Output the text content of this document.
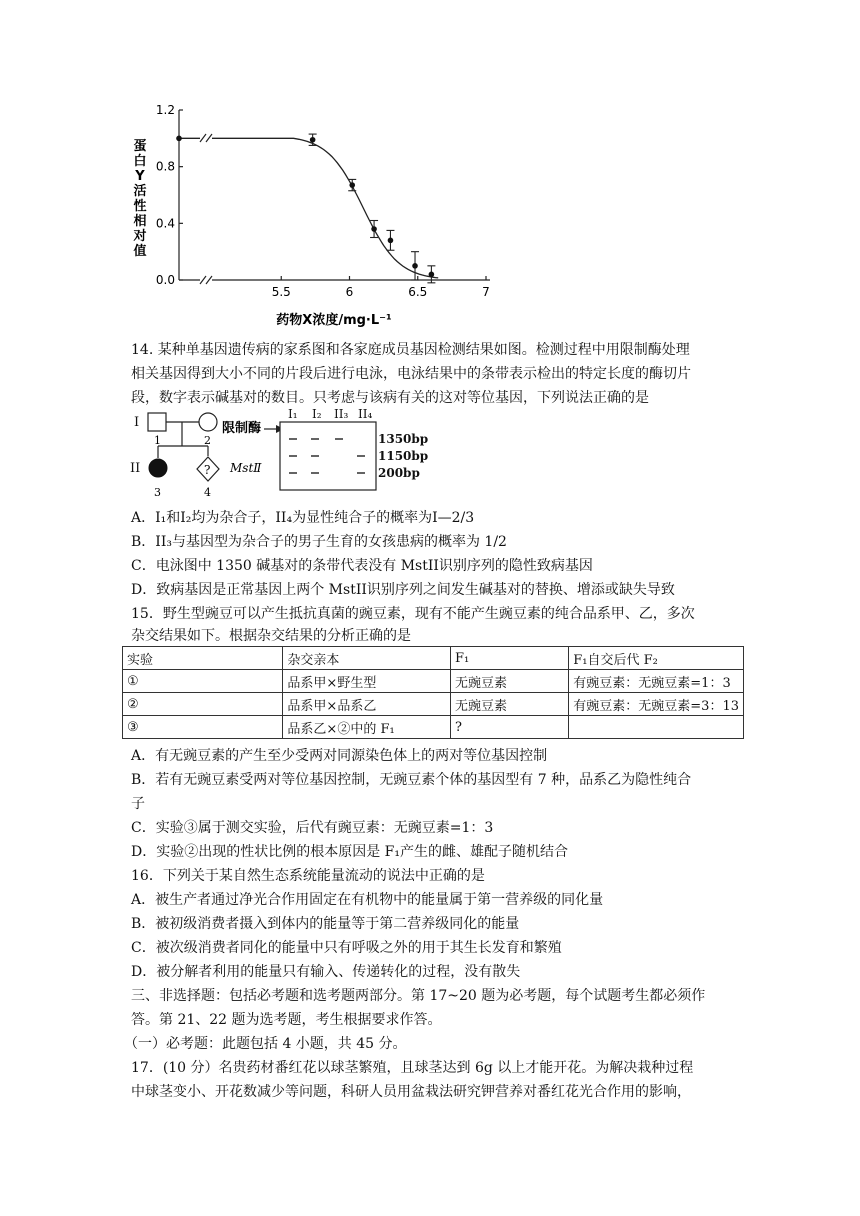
蛋白 Y 活性相对值
0.0
0.4
0.8
1.2
5.5	6	6.5	7
药物X浓度/mg·L⁻¹
14. 某种单基因遗传病的家系图和各家庭成员基因检测结果如图。检测过程中用限制酶处理
相关基因得到大小不同的片段后进行电泳，电泳结果中的条带表示检出的特定长度的酶切片
段，数字表示碱基对的数目。只考虑与该病有关的这对等位基因，下列说法正确的是
I
II
1	2
?
3	4
限制酶
MstⅡ
I₁ I₂ II₃ II₄
1350bp
1150bp
200bp
A．Ⅰ₁和Ⅰ₂均为杂合子，II₄为显性纯合子的概率为I—2/3
B．II₃与基因型为杂合子的男子生育的女孩患病的概率为 1/2
C．电泳图中 1350 碱基对的条带代表没有 MstII识别序列的隐性致病基因
D．致病基因是正常基因上两个 MstII识别序列之间发生碱基对的替换、增添或缺失导致
15．野生型豌豆可以产生抵抗真菌的豌豆素，现有不能产生豌豆素的纯合品系甲、乙，多次
杂交结果如下。根据杂交结果的分析正确的是
实验	杂交亲本	F₁	F₁自交后代 F₂
①	品系甲×野生型	无豌豆素	有豌豆素：无豌豆素=1：3
②	品系甲×品系乙	无豌豆素	有豌豆素：无豌豆素=3：13
③	品系乙×②中的 F₁	?	
A．有无豌豆素的产生至少受两对同源染色体上的两对等位基因控制
B．若有无豌豆素受两对等位基因控制，无豌豆素个体的基因型有 7 种，品系乙为隐性纯合
子
C．实验③属于测交实验，后代有豌豆素：无豌豆素=1：3
D．实验②出现的性状比例的根本原因是 F₁产生的雌、雄配子随机结合
16．下列关于某自然生态系统能量流动的说法中正确的是
A．被生产者通过净光合作用固定在有机物中的能量属于第一营养级的同化量
B．被初级消费者摄入到体内的能量等于第二营养级同化的能量
C．被次级消费者同化的能量中只有呼吸之外的用于其生长发育和繁殖
D．被分解者利用的能量只有输入、传递转化的过程，没有散失
三、非选择题：包括必考题和选考题两部分。第 17~20 题为必考题，每个试题考生都必须作
答。第 21、22 题为选考题，考生根据要求作答。
（一）必考题：此题包括 4 小题，共 45 分。
17．(10 分）名贵药材番红花以球茎繁殖，且球茎达到 6g 以上才能开花。为解决栽种过程
中球茎变小、开花数减少等问题，科研人员用盆栽法研究钾营养对番红花光合作用的影响，
